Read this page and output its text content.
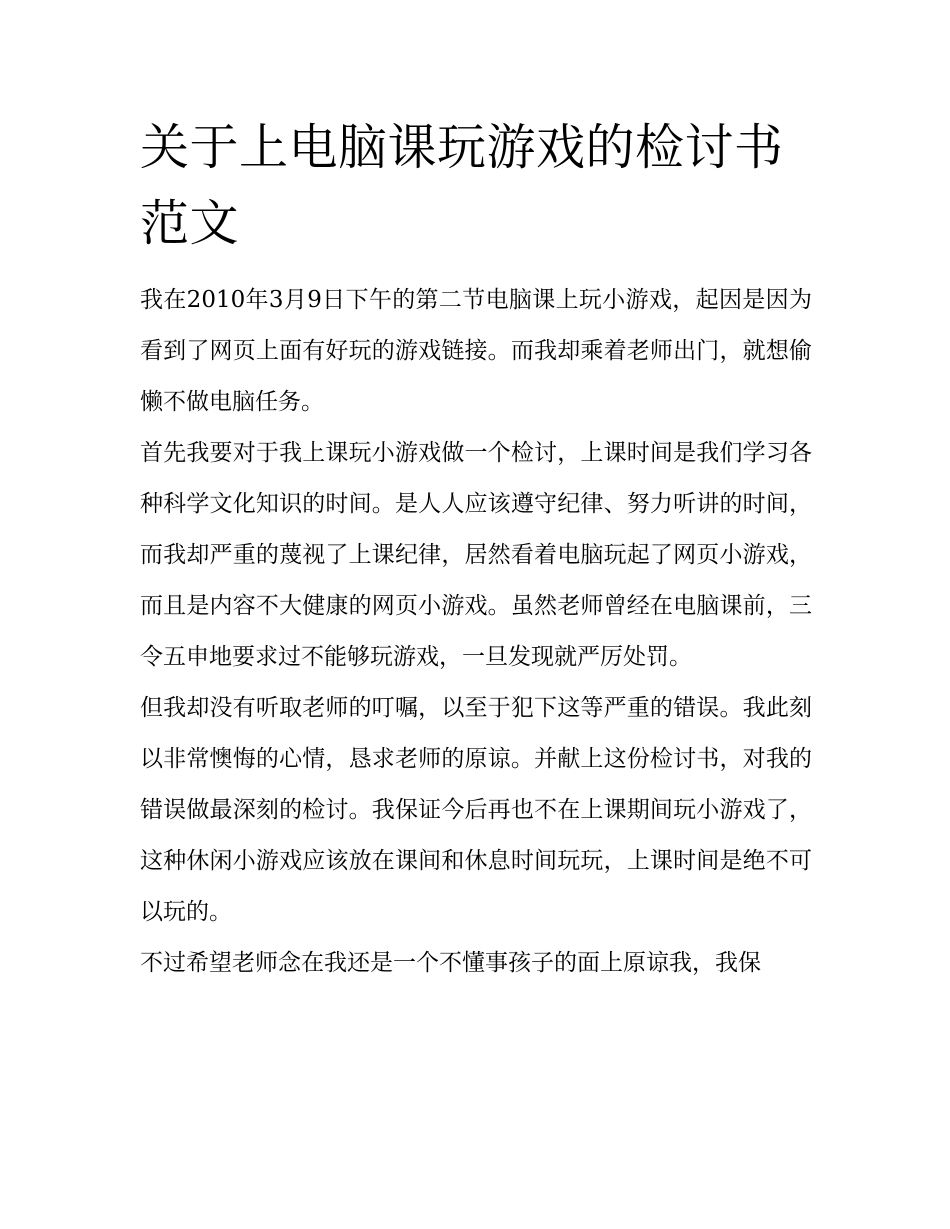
关于上电脑课玩游戏的检讨书范文

我在2010年3月9日下午的第二节电脑课上玩小游戏，起因是因为看到了网页上面有好玩的游戏链接。而我却乘着老师出门，就想偷懒不做电脑任务。

首先我要对于我上课玩小游戏做一个检讨，上课时间是我们学习各种科学文化知识的时间。是人人应该遵守纪律、努力听讲的时间，而我却严重的蔑视了上课纪律，居然看着电脑玩起了网页小游戏，而且是内容不大健康的网页小游戏。虽然老师曾经在电脑课前，三令五申地要求过不能够玩游戏，一旦发现就严厉处罚。

但我却没有听取老师的叮嘱，以至于犯下这等严重的错误。我此刻以非常懊悔的心情，恳求老师的原谅。并献上这份检讨书，对我的错误做最深刻的检讨。我保证今后再也不在上课期间玩小游戏了，这种休闲小游戏应该放在课间和休息时间玩玩，上课时间是绝不可以玩的。

不过希望老师念在我还是一个不懂事孩子的面上原谅我，我保
